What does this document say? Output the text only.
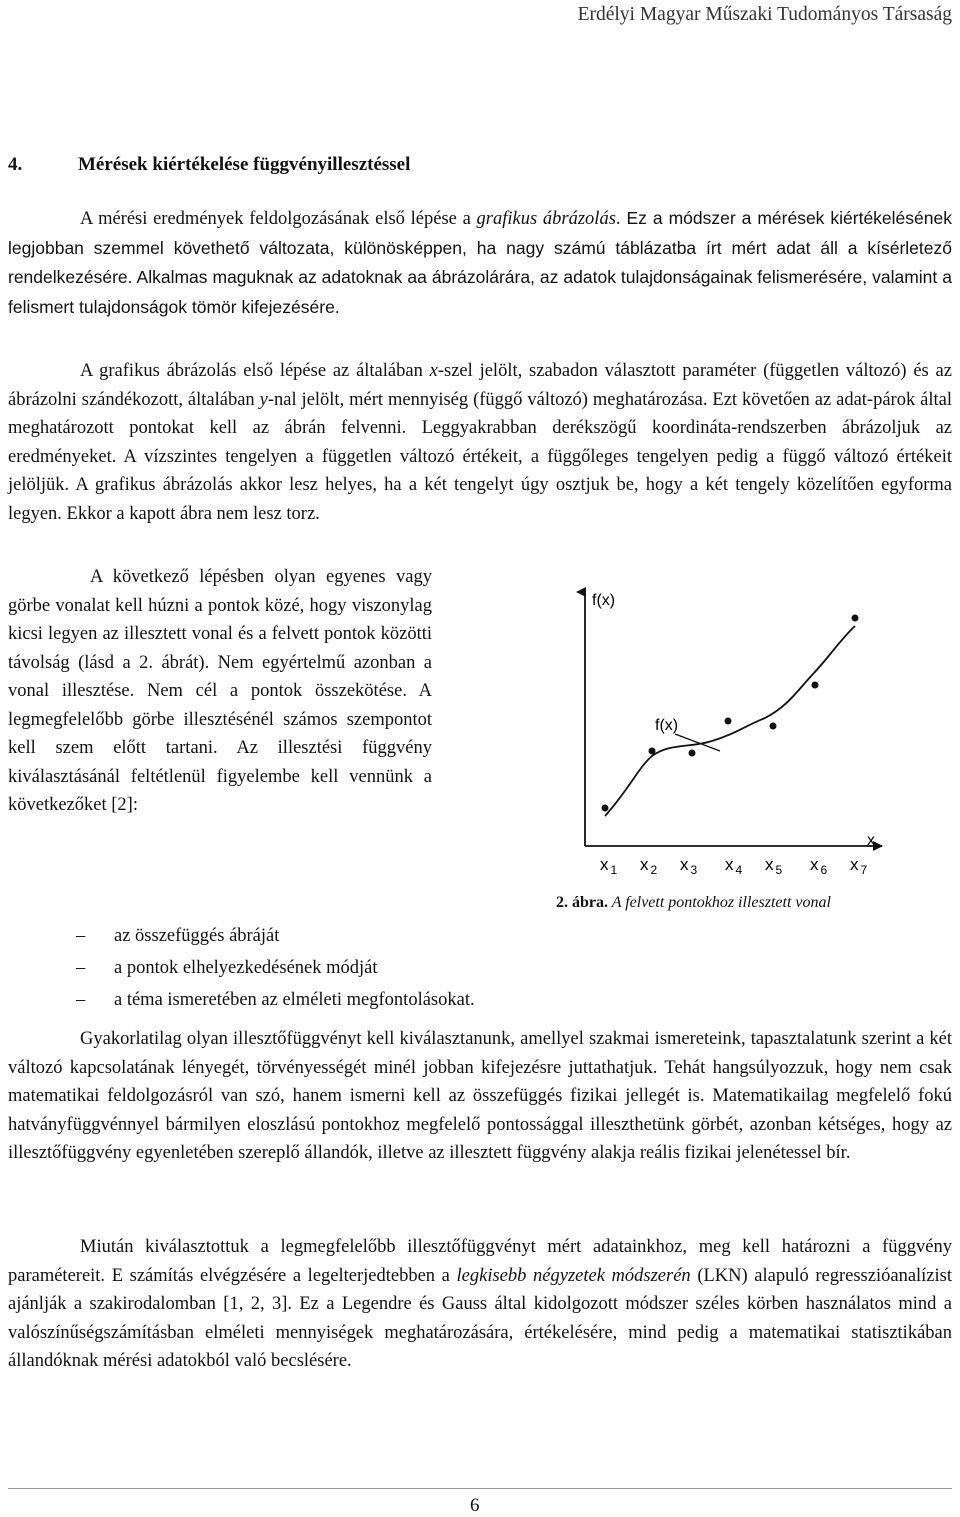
Erdélyi Magyar Műszaki Tudományos Társaság
4.	Mérések kiértékelése függvényillesztéssel
A mérési eredmények feldolgozásának első lépése a grafikus ábrázolás. Ez a módszer a mérések kiértékelésének legjobban szemmel követhető változata, különösképpen, ha nagy számú táblázatba írt mért adat áll a kísérletező rendelkezésére. Alkalmas maguknak az adatoknak aa ábrázolárára, az adatok tulajdonságainak felismerésére, valamint a felismert tulajdonságok tömör kifejezésére.
A grafikus ábrázolás első lépése az általában x-szel jelölt, szabadon választott paraméter (független változó) és az ábrázolni szándékozott, általában y-nal jelölt, mért mennyiség (függő változó) meghatározása. Ezt követően az adat-párok által meghatározott pontokat kell az ábrán felvenni. Leggyakrabban derékszögű koordináta-rendszerben ábrázoljuk az eredményeket. A vízszintes tengelyen a független változó értékeit, a függőleges tengelyen pedig a függő változó értékeit jelöljük. A grafikus ábrázolás akkor lesz helyes, ha a két tengelyt úgy osztjuk be, hogy a két tengely közelítően egyforma legyen. Ekkor a kapott ábra nem lesz torz.
A következő lépésben olyan egyenes vagy görbe vonalat kell húzni a pontok közé, hogy viszonylag kicsi legyen az illesztett vonal és a felvett pontok közötti távolság (lásd a 2. ábrát). Nem egyértelmű azonban a vonal illesztése. Nem cél a pontok összekötése. A legmegfelelőbb görbe illesztésénél számos szempontot kell szem előtt tartani. Az illesztési függvény kiválasztásánál feltétlenül figyelembe kell vennünk a következőket [2]:
f(x)
x
f(x)
x $_1$ x $_2$ x $_3$ x $_4$ x $_5$ x $_6$ x $_7$
2. ábra. A felvett pontokhoz illesztett vonal
– az összefüggés ábráját
– a pontok elhelyezkedésének módját
– a téma ismeretében az elméleti megfontolásokat.
Gyakorlatilag olyan illesztőfüggvényt kell kiválasztanunk, amellyel szakmai ismereteink, tapasztalatunk szerint a két változó kapcsolatának lényegét, törvényességét minél jobban kifejezésre juttathatjuk. Tehát hangsúlyozzuk, hogy nem csak matematikai feldolgozásról van szó, hanem ismerni kell az összefüggés fizikai jellegét is. Matematikailag megfelelő fokú hatványfüggvénnyel bármilyen eloszlású pontokhoz megfelelő pontossággal illeszthetünk görbét, azonban kétséges, hogy az illesztőfüggvény egyenletében szereplő állandók, illetve az illesztett függvény alakja reális fizikai jelenétessel bír.
Miután kiválasztottuk a legmegfelelőbb illesztőfüggvényt mért adatainkhoz, meg kell határozni a függvény paramétereit. E számítás elvégzésére a legelterjedtebben a legkisebb négyzetek módszerén (LKN) alapuló regresszióanalízist ajánlják a szakirodalomban [1, 2, 3]. Ez a Legendre és Gauss által kidolgozott módszer széles körben használatos mind a valószínűségszámításban elméleti mennyiségek meghatározására, értékelésére, mind pedig a matematikai statisztikában állandóknak mérési adatokból való becslésére.
6
